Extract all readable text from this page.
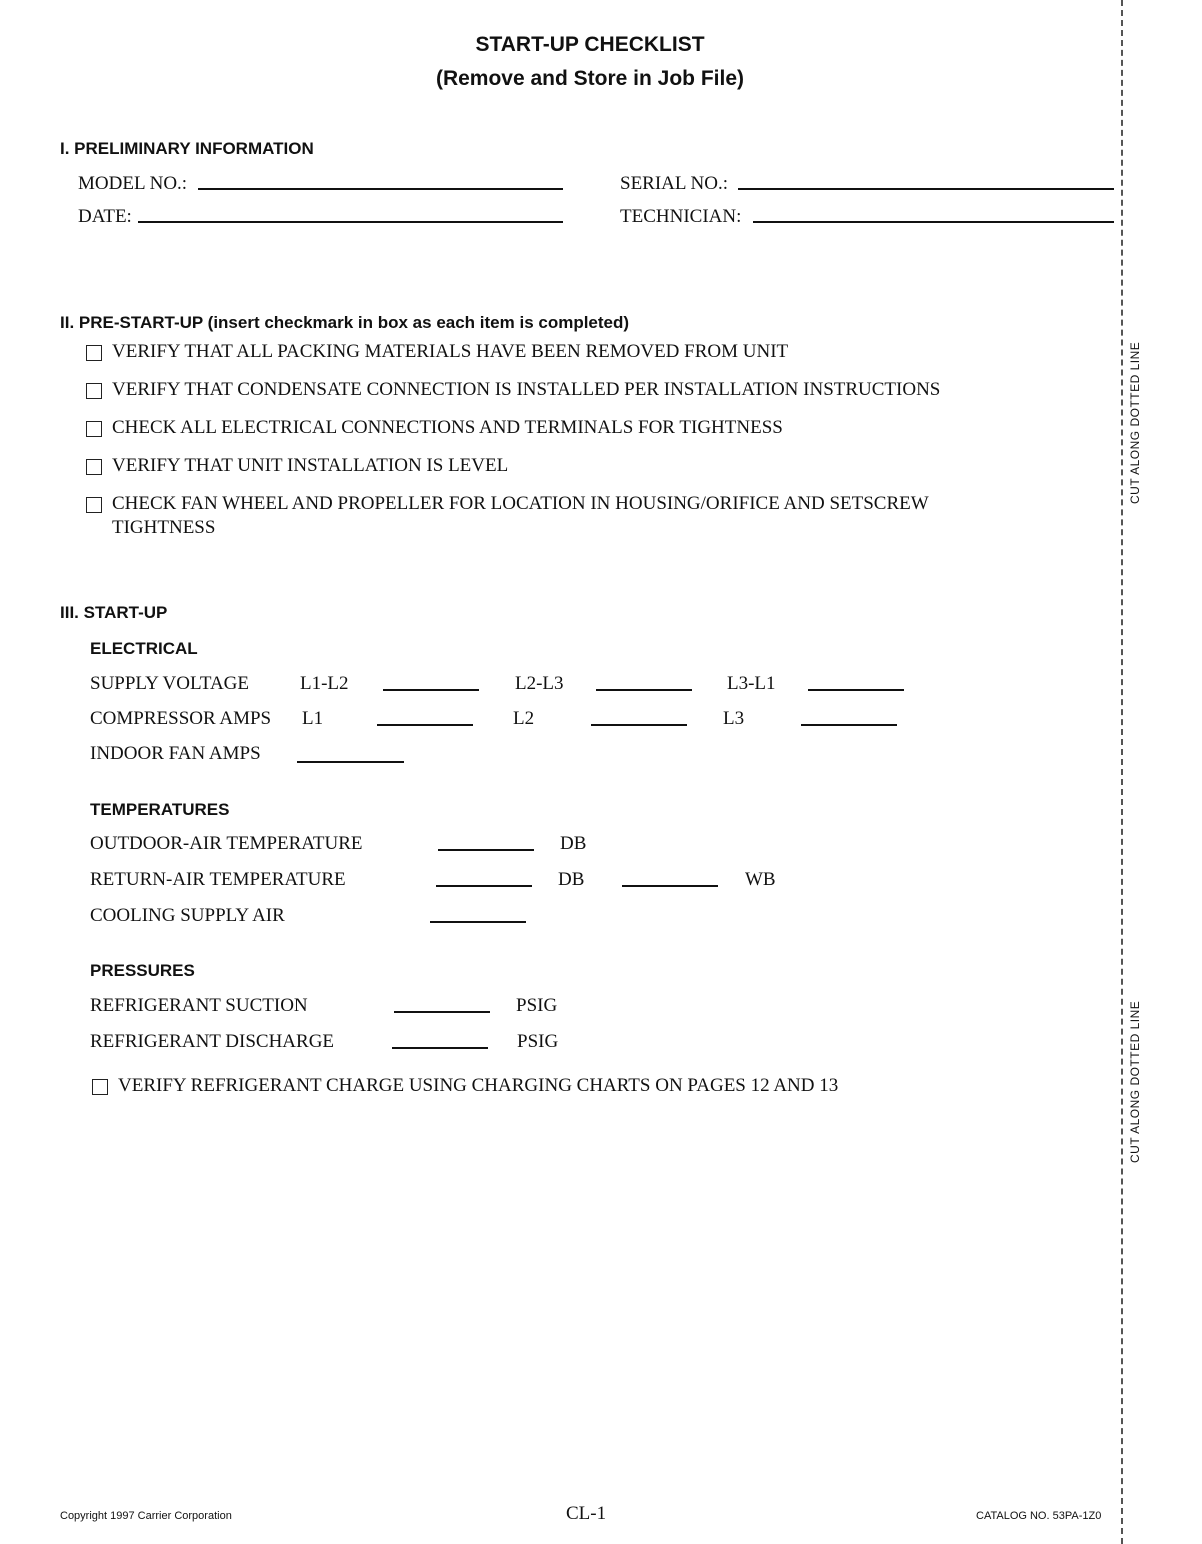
START-UP CHECKLIST
(Remove and Store in Job File)
I. PRELIMINARY INFORMATION
MODEL NO.:	SERIAL NO.:
DATE:	TECHNICIAN:
II. PRE-START-UP (insert checkmark in box as each item is completed)
VERIFY THAT ALL PACKING MATERIALS HAVE BEEN REMOVED FROM UNIT
VERIFY THAT CONDENSATE CONNECTION IS INSTALLED PER INSTALLATION INSTRUCTIONS
CHECK ALL ELECTRICAL CONNECTIONS AND TERMINALS FOR TIGHTNESS
VERIFY THAT UNIT INSTALLATION IS LEVEL
CHECK FAN WHEEL AND PROPELLER FOR LOCATION IN HOUSING/ORIFICE AND SETSCREW
TIGHTNESS
III. START-UP
ELECTRICAL
SUPPLY VOLTAGE	L1-L2	L2-L3	L3-L1
COMPRESSOR AMPS L1	L2	L3
INDOOR FAN AMPS
TEMPERATURES
OUTDOOR-AIR TEMPERATURE	DB
RETURN-AIR TEMPERATURE	DB	WB
COOLING SUPPLY AIR
PRESSURES
REFRIGERANT SUCTION	PSIG
REFRIGERANT DISCHARGE	PSIG
VERIFY REFRIGERANT CHARGE USING CHARGING CHARTS ON PAGES 12 AND 13
CUT ALONG DOTTED LINE
CUT ALONG DOTTED LINE
Copyright 1997 Carrier Corporation	CL-1	CATALOG NO. 53PA-1Z0
